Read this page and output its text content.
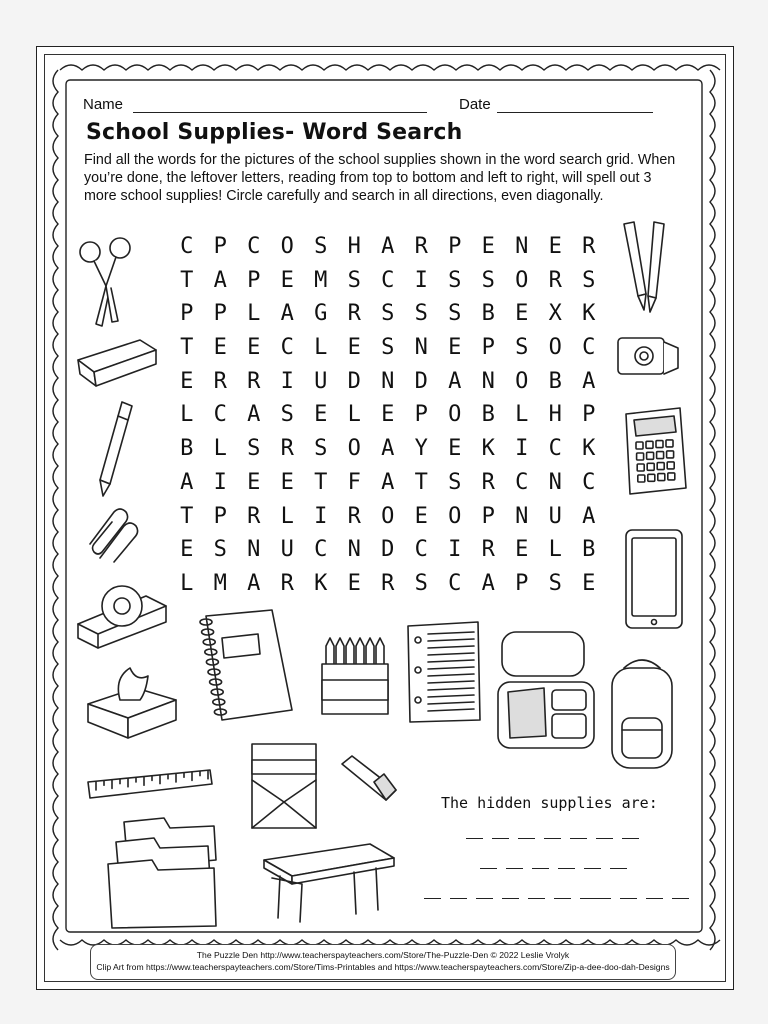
Name	Date
School Supplies- Word Search
Find all the words for the pictures of the school supplies shown in the word search grid. When you’re done, the leftover letters, reading from top to bottom and left to right, will spell out 3 more school supplies! Circle carefully and search in all directions, even diagonally.
C P C O S H A R P E N E R
T A P E M S C I S S O R S
P P L A G R S S S B E X K
T E E C L E S N E P S O C
E R R I U D N D A N O B A
L C A S E L E P O B L H P
B L S R S O A Y E K I C K
A I E E T F A T S R C N C
T P R L I R O E O P N U A
E S N U C N D C I R E L B
L M A R K E R S C A P S E
The hidden supplies are:
The Puzzle Den http://www.teacherspayteachers.com/Store/The-Puzzle-Den © 2022 Leslie Vrolyk
Clip Art from https://www.teacherspayteachers.com/Store/Tims-Printables and https://www.teacherspayteachers.com/Store/Zip-a-dee-doo-dah-Designs
